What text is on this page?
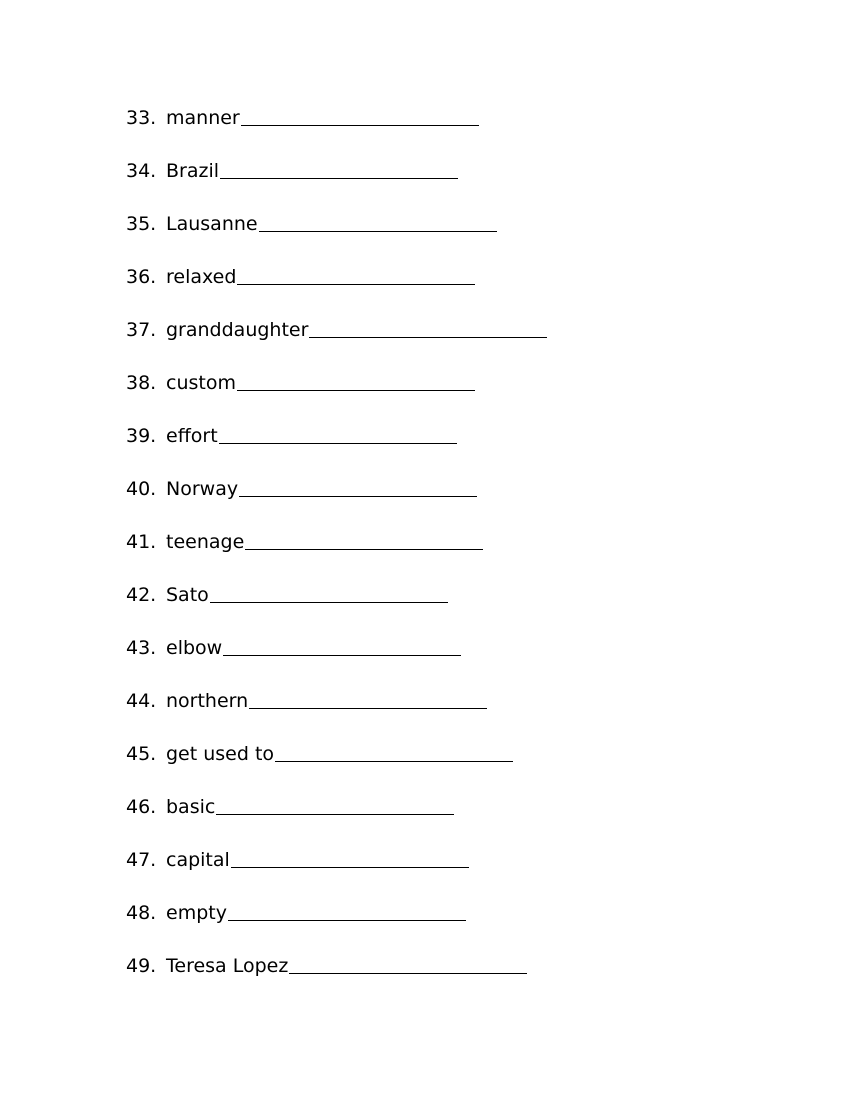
33. manner
34. Brazil
35. Lausanne
36. relaxed
37. granddaughter
38. custom
39. effort
40. Norway
41. teenage
42. Sato
43. elbow
44. northern
45. get used to
46. basic
47. capital
48. empty
49. Teresa Lopez
